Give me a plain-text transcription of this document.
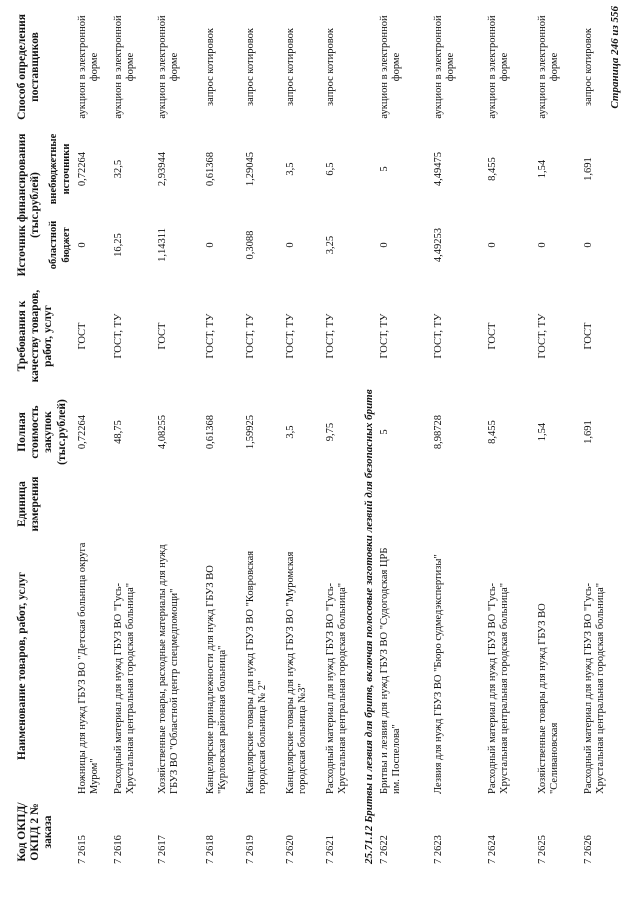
Код ОКПД/ ОКПД 2 № заказа	Наименование товаров, работ, услуг	Единица измерения	Полная стоимость закупок (тыс.рублей)	Требования к качеству товаров, работ, услуг	Источник финансирования (тыс.рублей)		Способ определения поставщиков
					областной бюджет	внебюджетные источники	
7 2615	Ножницы для нужд ГБУЗ ВО "Детская больница округа Муром"		0,72264	ГОСТ	0	0,72264	аукцион в электронной форме
7 2616	Расходный материал для нужд ГБУЗ ВО "Гусь-Хрустальная центральная городская больница"		48,75	ГОСТ, ТУ	16,25	32,5	аукцион в электронной форме
7 2617	Хозяйственные товары, расходные материалы для нужд ГБУЗ ВО "Областной центр спецмедпомощи"		4,08255	ГОСТ	1,14311	2,93944	аукцион в электронной форме
7 2618	Канцелярские принадлежности для нужд ГБУЗ ВО "Курловская районная больница"		0,61368	ГОСТ, ТУ	0	0,61368	запрос котировок
7 2619	Канцелярские товары для нужд ГБУЗ ВО "Ковровская городская больница № 2"		1,59925	ГОСТ, ТУ	0,3088	1,29045	запрос котировок
7 2620	Канцелярские товары для нужд ГБУЗ ВО "Муромская городская больница №3"		3,5	ГОСТ, ТУ	0	3,5	запрос котировок
7 2621	Расходный материал для нужд ГБУЗ ВО "Гусь-Хрустальная центральная городская больница"		9,75	ГОСТ, ТУ	3,25	6,5	запрос котировок
25.71.12 Бритвы и лезвия для бритв, включая полосовые заготовки лезвий для безопасных бритв							
7 2622	Бритвы и лезвия для нужд ГБУЗ ВО "Судогодская ЦРБ им. Поспелова"		5	ГОСТ, ТУ	0	5	аукцион в электронной форме
7 2623	Лезвия для нужд ГБУЗ ВО "Бюро судмедэкспертизы"		8,98728	ГОСТ, ТУ	4,49253	4,49475	аукцион в электронной форме
7 2624	Расходный материал для нужд ГБУЗ ВО "Гусь-Хрустальная центральная городская больница"		8,455	ГОСТ	0	8,455	аукцион в электронной форме
7 2625	Хозяйственные товары для нужд ГБУЗ ВО "Селивановская		1,54	ГОСТ, ТУ	0	1,54	аукцион в электронной форме
7 2626	Расходный материал для нужд ГБУЗ ВО "Гусь-Хрустальная центральная городская больница"		1,691	ГОСТ	0	1,691	запрос котировок Страница 246 из 556
